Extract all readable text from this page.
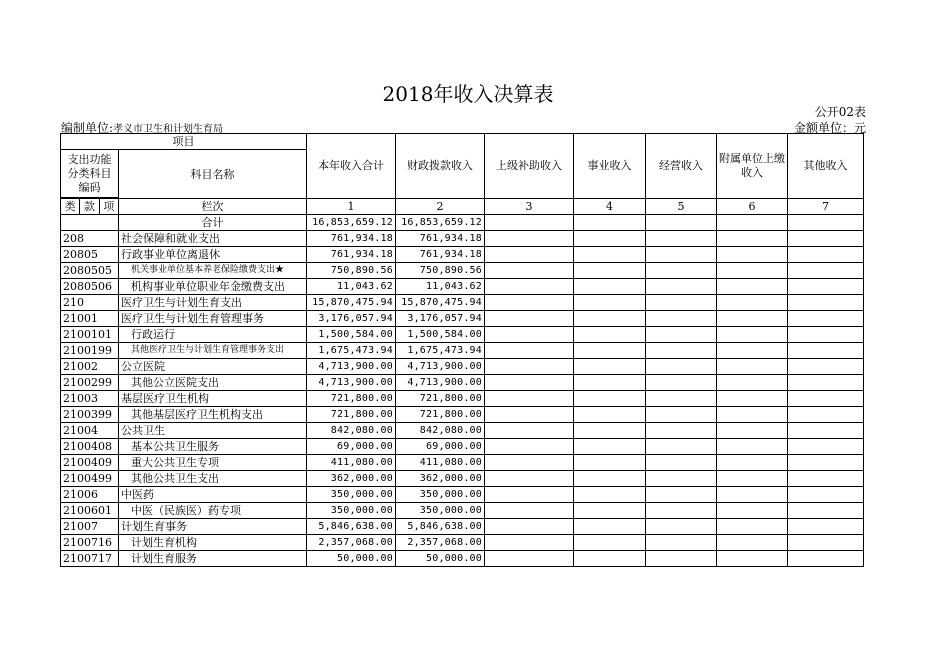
2018年收入决算表
公开02表
编制单位:孝义市卫生和计划生育局	金额单位：元
项目		本年收入合计	财政拨款收入	上级补助收入	事业收入	经营收入	附属单位上缴收入	其他收入
支出功能分类科目编码	科目名称							

类 款 项	栏次	1	2	3	4	5	6	7
	合计	16,853,659.12	16,853,659.12					
208	社会保障和就业支出	761,934.18	761,934.18					
20805	行政事业单位离退休	761,934.18	761,934.18					
2080505	机关事业单位基本养老保险缴费支出★	750,890.56	750,890.56					
2080506	机构事业单位职业年金缴费支出	11,043.62	11,043.62					
210	医疗卫生与计划生育支出	15,870,475.94	15,870,475.94					
21001	医疗卫生与计划生育管理事务	3,176,057.94	3,176,057.94					
2100101	行政运行	1,500,584.00	1,500,584.00					
2100199	其他医疗卫生与计划生育管理事务支出	1,675,473.94	1,675,473.94					
21002	公立医院	4,713,900.00	4,713,900.00					
2100299	其他公立医院支出	4,713,900.00	4,713,900.00					
21003	基层医疗卫生机构	721,800.00	721,800.00					
2100399	其他基层医疗卫生机构支出	721,800.00	721,800.00					
21004	公共卫生	842,080.00	842,080.00					
2100408	基本公共卫生服务	69,000.00	69,000.00					
2100409	重大公共卫生专项	411,080.00	411,080.00					
2100499	其他公共卫生支出	362,000.00	362,000.00					
21006	中医药	350,000.00	350,000.00					
2100601	中医（民族医）药专项	350,000.00	350,000.00					
21007	计划生育事务	5,846,638.00	5,846,638.00					
2100716	计划生育机构	2,357,068.00	2,357,068.00					
2100717	计划生育服务	50,000.00	50,000.00					
